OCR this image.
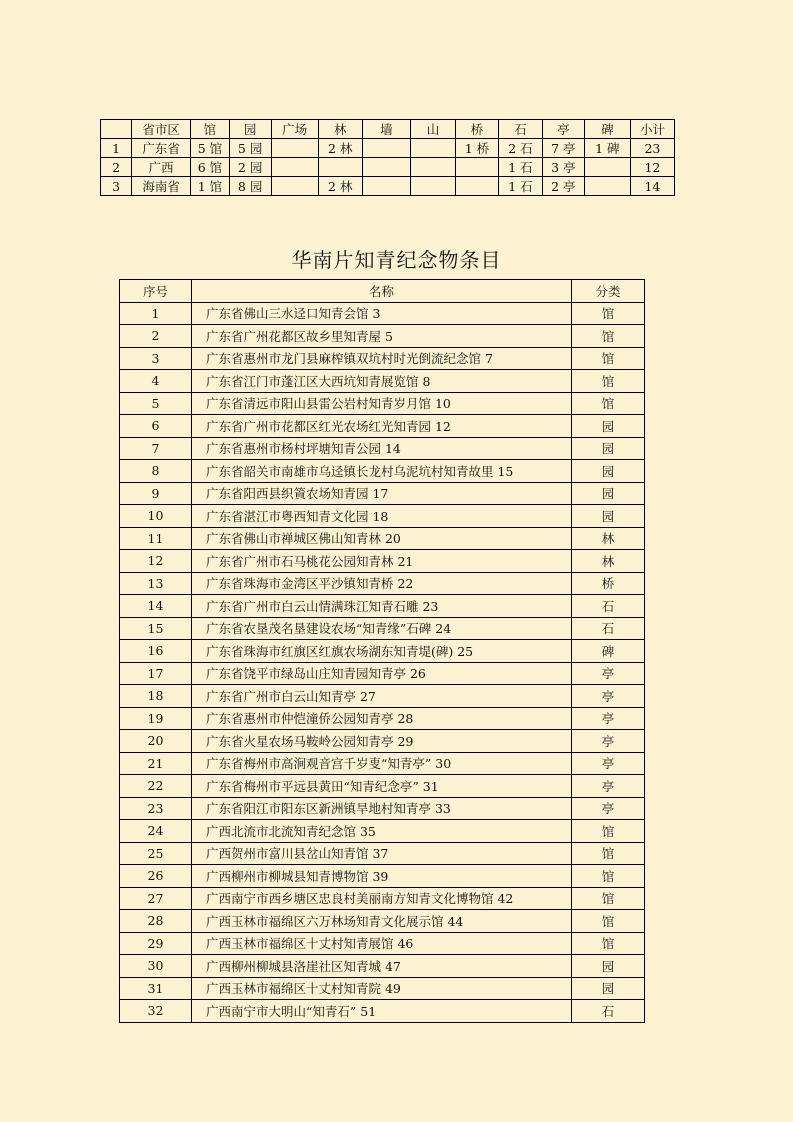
	省市区	馆	园	广场	林	墙	山	桥	石	亭	碑	小计
1	广东省	5 馆	5 园		2 林			1 桥	2 石	7 亭	1 碑	23
2	广西	6 馆	2 园						1 石	3 亭		12
3	海南省	1 馆	8 园		2 林				1 石	2 亭		14
华南片知青纪念物条目
序号	名称	分类
1	广东省佛山三水迳口知青会馆 3	馆
2	广东省广州花都区故乡里知青屋 5	馆
3	广东省惠州市龙门县麻榨镇双坑村时光倒流纪念馆 7	馆
4	广东省江门市蓬江区大西坑知青展览馆 8	馆
5	广东省清远市阳山县雷公岩村知青岁月馆 10	馆
6	广东省广州市花都区红光农场红光知青园 12	园
7	广东省惠州市杨村坪塘知青公园 14	园
8	广东省韶关市南雄市乌迳镇长龙村乌泥坑村知青故里 15	园
9	广东省阳西县织篢农场知青园 17	园
10	广东省湛江市粤西知青文化园 18	园
11	广东省佛山市禅城区佛山知青林 20	林
12	广东省广州市石马桃花公园知青林 21	林
13	广东省珠海市金湾区平沙镇知青桥 22	桥
14	广东省广州市白云山情满珠江知青石雕 23	石
15	广东省农垦茂名垦建设农场“知青缘”石碑 24	石
16	广东省珠海市红旗区红旗农场湖东知青堤(碑) 25	碑
17	广东省饶平市绿岛山庄知青园知青亭 26	亭
18	广东省广州市白云山知青亭 27	亭
19	广东省惠州市仲恺潼侨公园知青亭 28	亭
20	广东省火星农场马鞍岭公园知青亭 29	亭
21	广东省梅州市高涧观音宫千岁叓“知青亭” 30	亭
22	广东省梅州市平远县黄田“知青纪念亭” 31	亭
23	广东省阳江市阳东区新洲镇旱地村知青亭 33	亭
24	广西北流市北流知青纪念馆 35	馆
25	广西贺州市富川县岔山知青馆 37	馆
26	广西柳州市柳城县知青博物馆 39	馆
27	广西南宁市西乡塘区忠良村美丽南方知青文化博物馆 42	馆
28	广西玉林市福绵区六万林场知青文化展示馆 44	馆
29	广西玉林市福绵区十丈村知青展馆 46	馆
30	广西柳州柳城县洛崖社区知青城 47	园
31	广西玉林市福绵区十丈村知青院 49	园
32	广西南宁市大明山“知青石” 51	石
